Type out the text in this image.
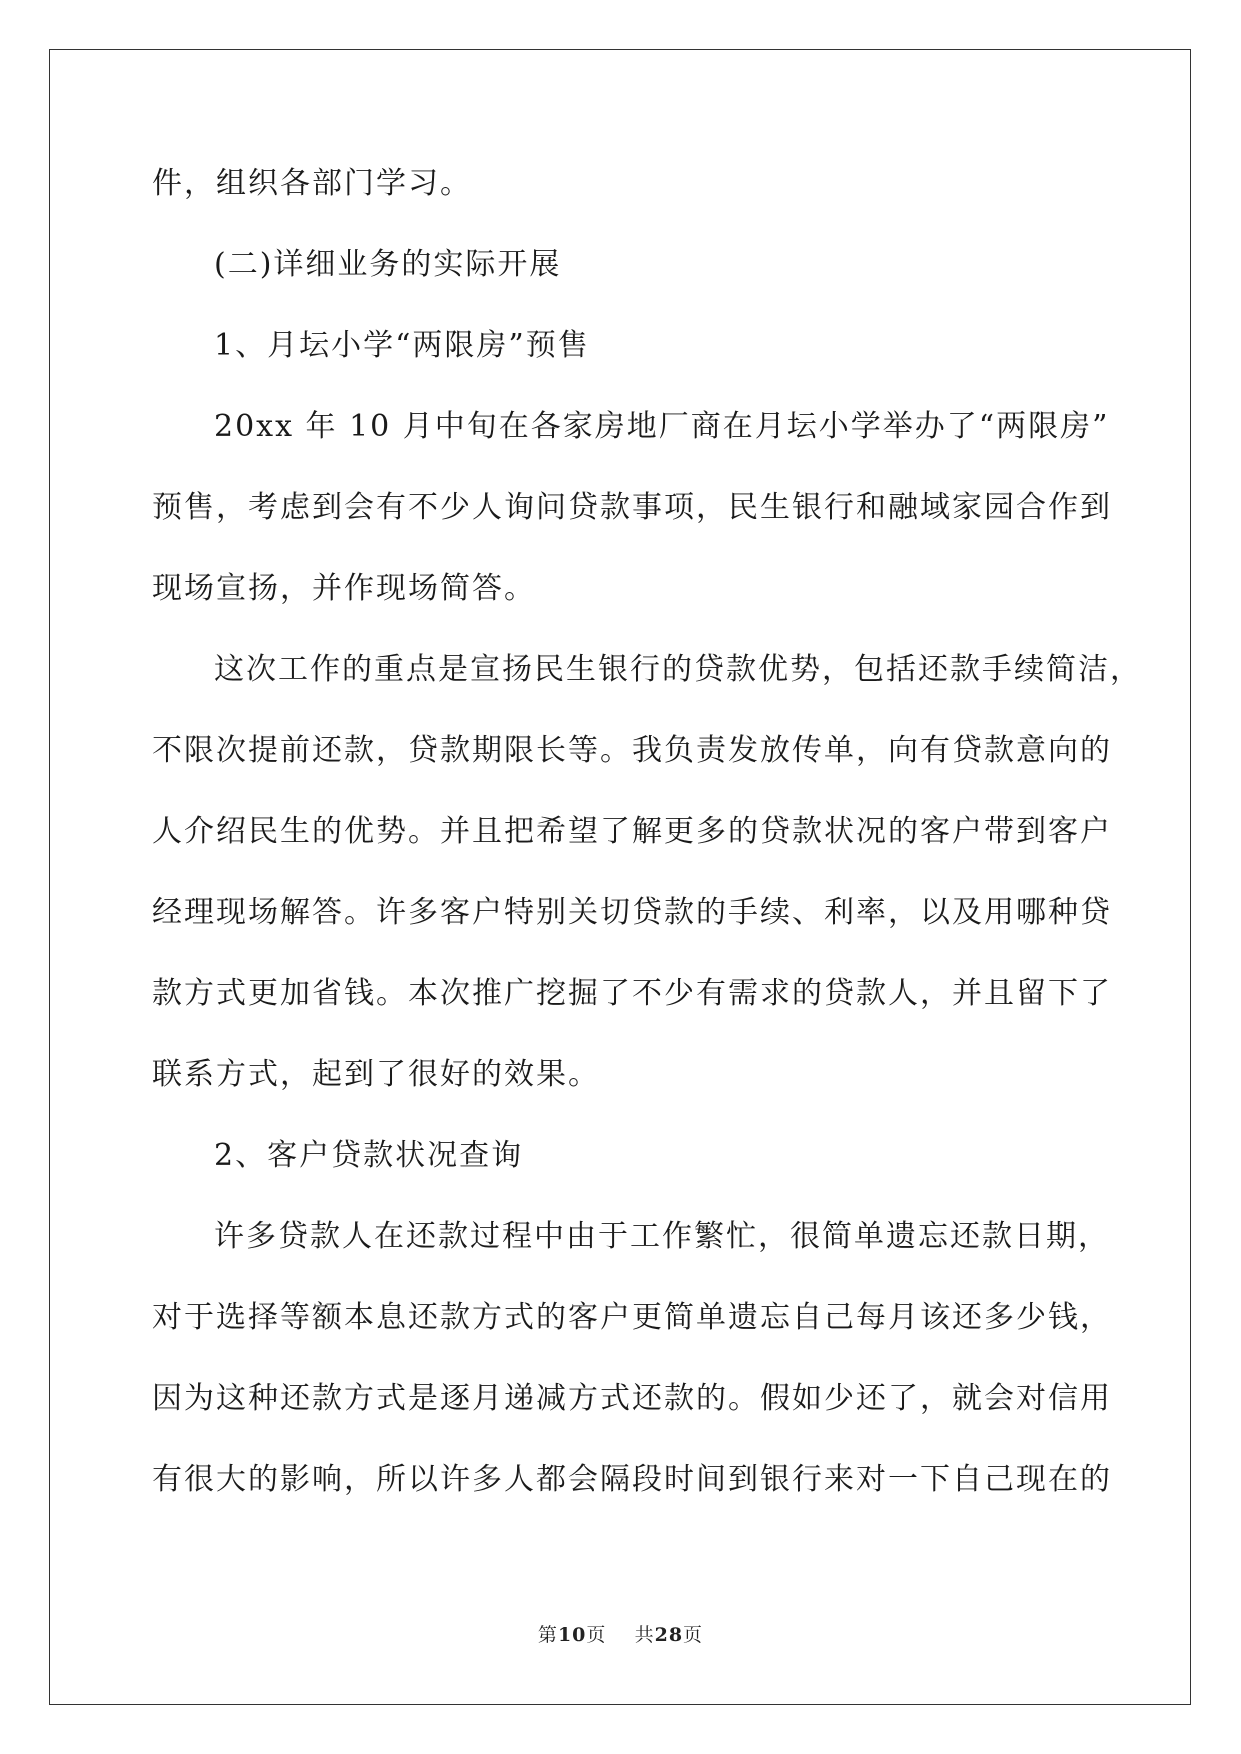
件，组织各部门学习。
(二)详细业务的实际开展
1、月坛小学“两限房”预售
20xx 年 10 月中旬在各家房地厂商在月坛小学举办了“两限房”
预售，考虑到会有不少人询问贷款事项，民生银行和融域家园合作到
现场宣扬，并作现场简答。
这次工作的重点是宣扬民生银行的贷款优势，包括还款手续简洁，
不限次提前还款，贷款期限长等。我负责发放传单，向有贷款意向的
人介绍民生的优势。并且把希望了解更多的贷款状况的客户带到客户
经理现场解答。许多客户特别关切贷款的手续、利率，以及用哪种贷
款方式更加省钱。本次推广挖掘了不少有需求的贷款人，并且留下了
联系方式，起到了很好的效果。
2、客户贷款状况查询
许多贷款人在还款过程中由于工作繁忙，很简单遗忘还款日期，
对于选择等额本息还款方式的客户更简单遗忘自己每月该还多少钱，
因为这种还款方式是逐月递减方式还款的。假如少还了，就会对信用
有很大的影响，所以许多人都会隔段时间到银行来对一下自己现在的
第10页 共28页
